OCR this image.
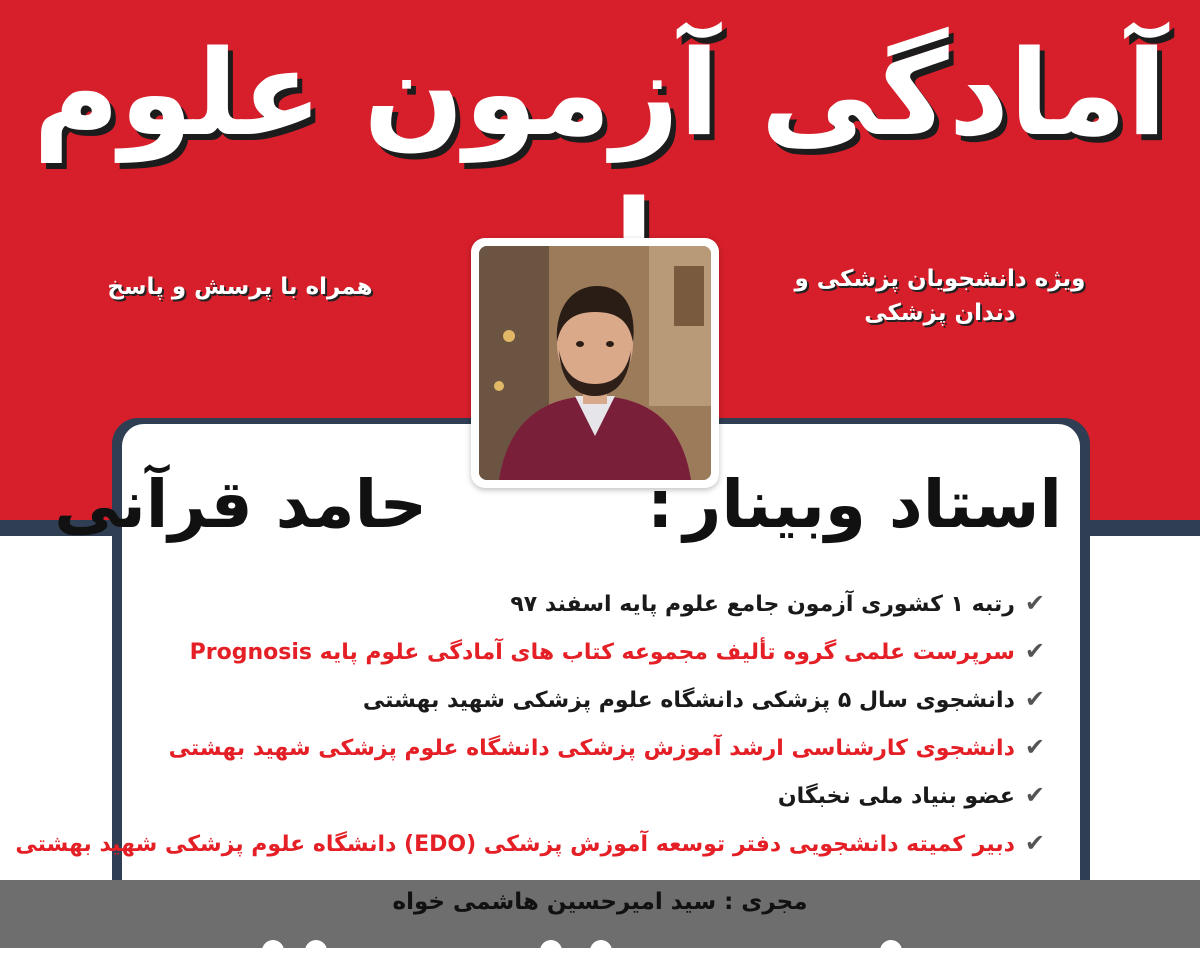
آمادگی آزمون علوم
ویژه دانشجویان پزشکی و دندان پزشکی
همراه با پرسش و پاسخ
استاد وبینار:حامد قرآنی
✔رتبه ۱ کشوری آزمون جامع علوم پایه اسفند ۹۷
✔سرپرست علمی گروه تألیف مجموعه کتاب های آمادگی علوم پایه Prognosis
✔دانشجوی سال ۵ پزشکی دانشگاه علوم پزشکی شهید بهشتی
✔دانشجوی کارشناسی ارشد آموزش پزشکی دانشگاه علوم پزشکی شهید بهشتی
✔عضو بنیاد ملی نخبگان
✔دبیر کمیته دانشجویی دفتر توسعه آموزش پزشکی (EDO) دانشگاه علوم پزشکی شهید بهشتی
مجری : سید امیرحسین هاشمی خواه
